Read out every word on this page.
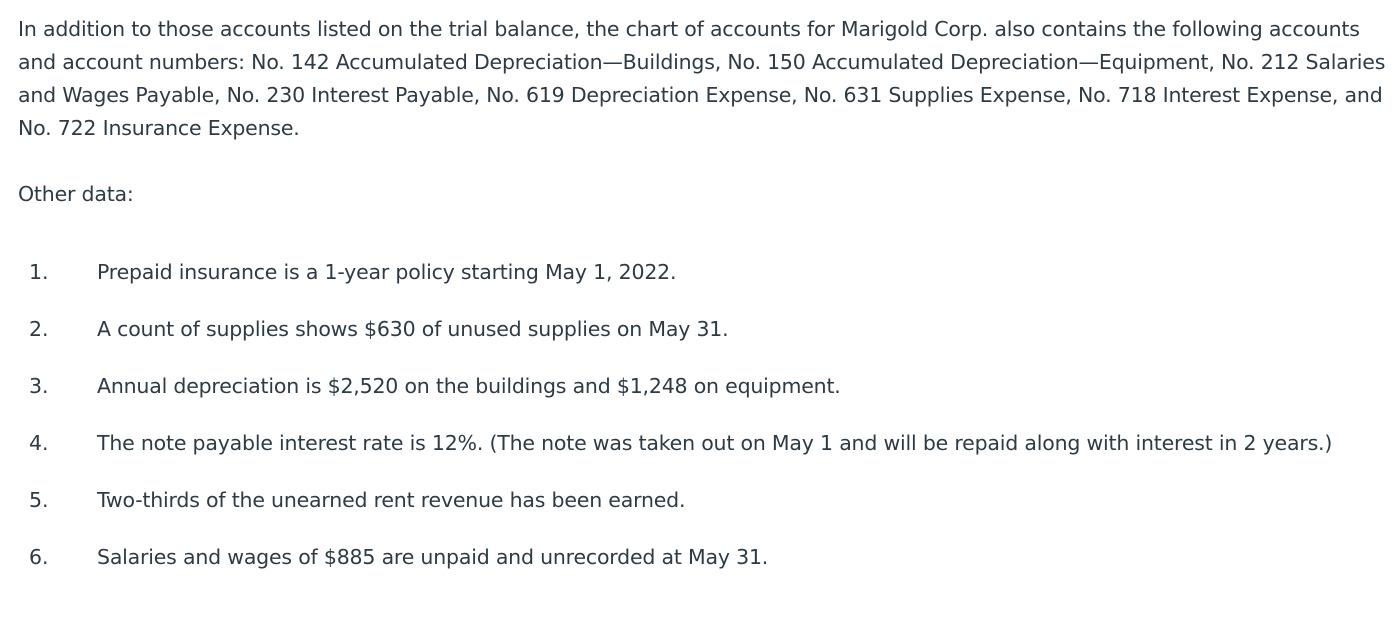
In addition to those accounts listed on the trial balance, the chart of accounts for Marigold Corp. also contains the following accounts and account numbers: No. 142 Accumulated Depreciation—Buildings, No. 150 Accumulated Depreciation—Equipment, No. 212 Salaries and Wages Payable, No. 230 Interest Payable, No. 619 Depreciation Expense, No. 631 Supplies Expense, No. 718 Interest Expense, and No. 722 Insurance Expense.

Other data:

1. Prepaid insurance is a 1-year policy starting May 1, 2022.
2. A count of supplies shows $630 of unused supplies on May 31.
3. Annual depreciation is $2,520 on the buildings and $1,248 on equipment.
4. The note payable interest rate is 12%. (The note was taken out on May 1 and will be repaid along with interest in 2 years.)
5. Two-thirds of the unearned rent revenue has been earned.
6. Salaries and wages of $885 are unpaid and unrecorded at May 31.
